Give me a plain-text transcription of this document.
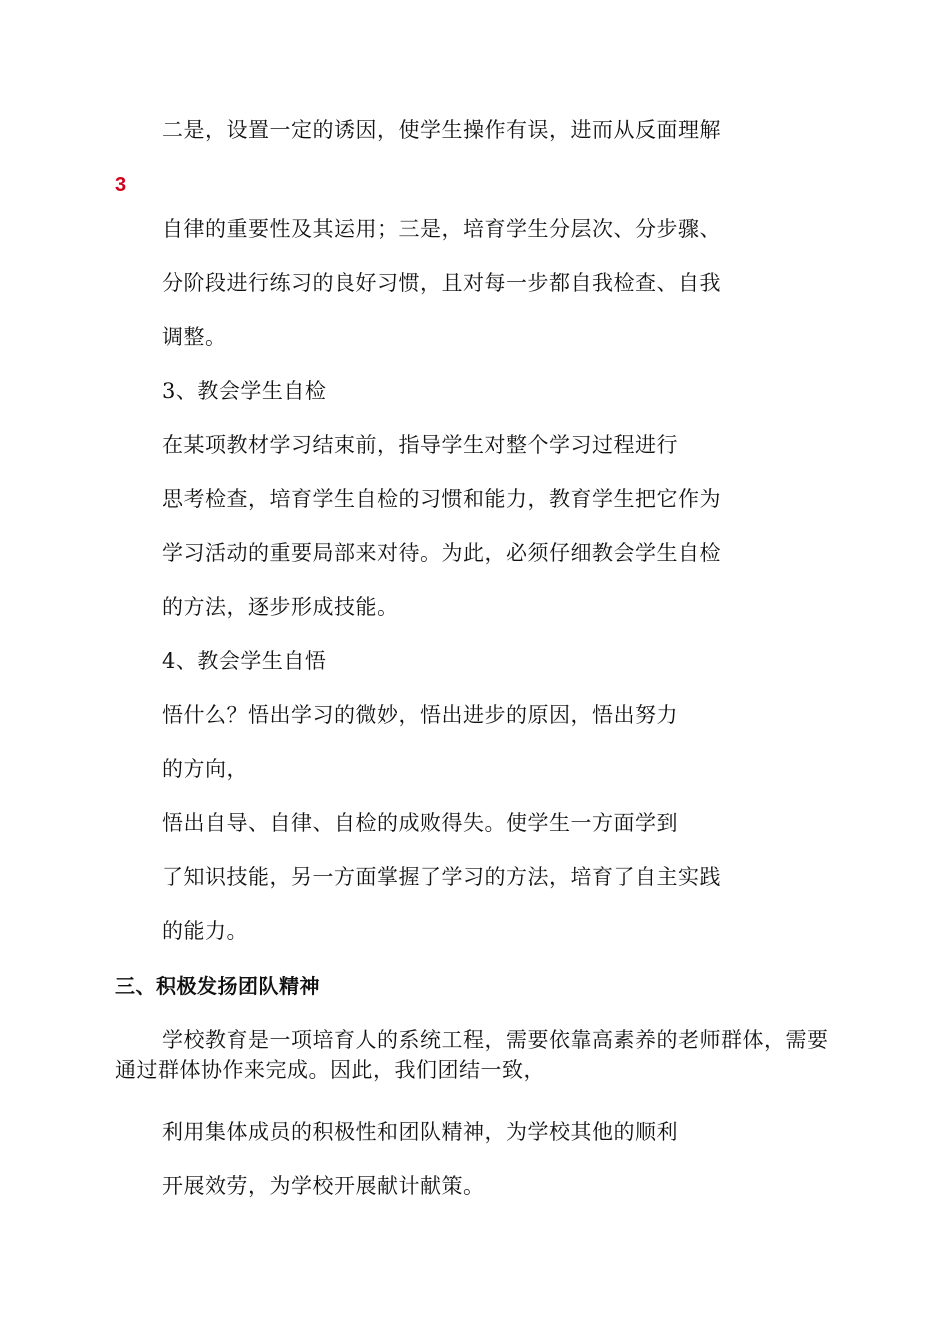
二是，设置一定的诱因，使学生操作有误，进而从反面理解
3
自律的重要性及其运用；三是，培育学生分层次、分步骤、
分阶段进行练习的良好习惯，且对每一步都自我检查、自我
调整。
3、教会学生自检
在某项教材学习结束前，指导学生对整个学习过程进行
思考检查，培育学生自检的习惯和能力，教育学生把它作为
学习活动的重要局部来对待。为此，必须仔细教会学生自检
的方法，逐步形成技能。
4、教会学生自悟
悟什么？悟出学习的微妙，悟出进步的原因，悟出努力
的方向，
悟出自导、自律、自检的成败得失。使学生一方面学到
了知识技能，另一方面掌握了学习的方法，培育了自主实践
的能力。
三、积极发扬团队精神
学校教育是一项培育人的系统工程，需要依靠高素养的老师群体，需要通过群体协作来完成。因此，我们团结一致，
利用集体成员的积极性和团队精神，为学校其他的顺利
开展效劳，为学校开展献计献策。
